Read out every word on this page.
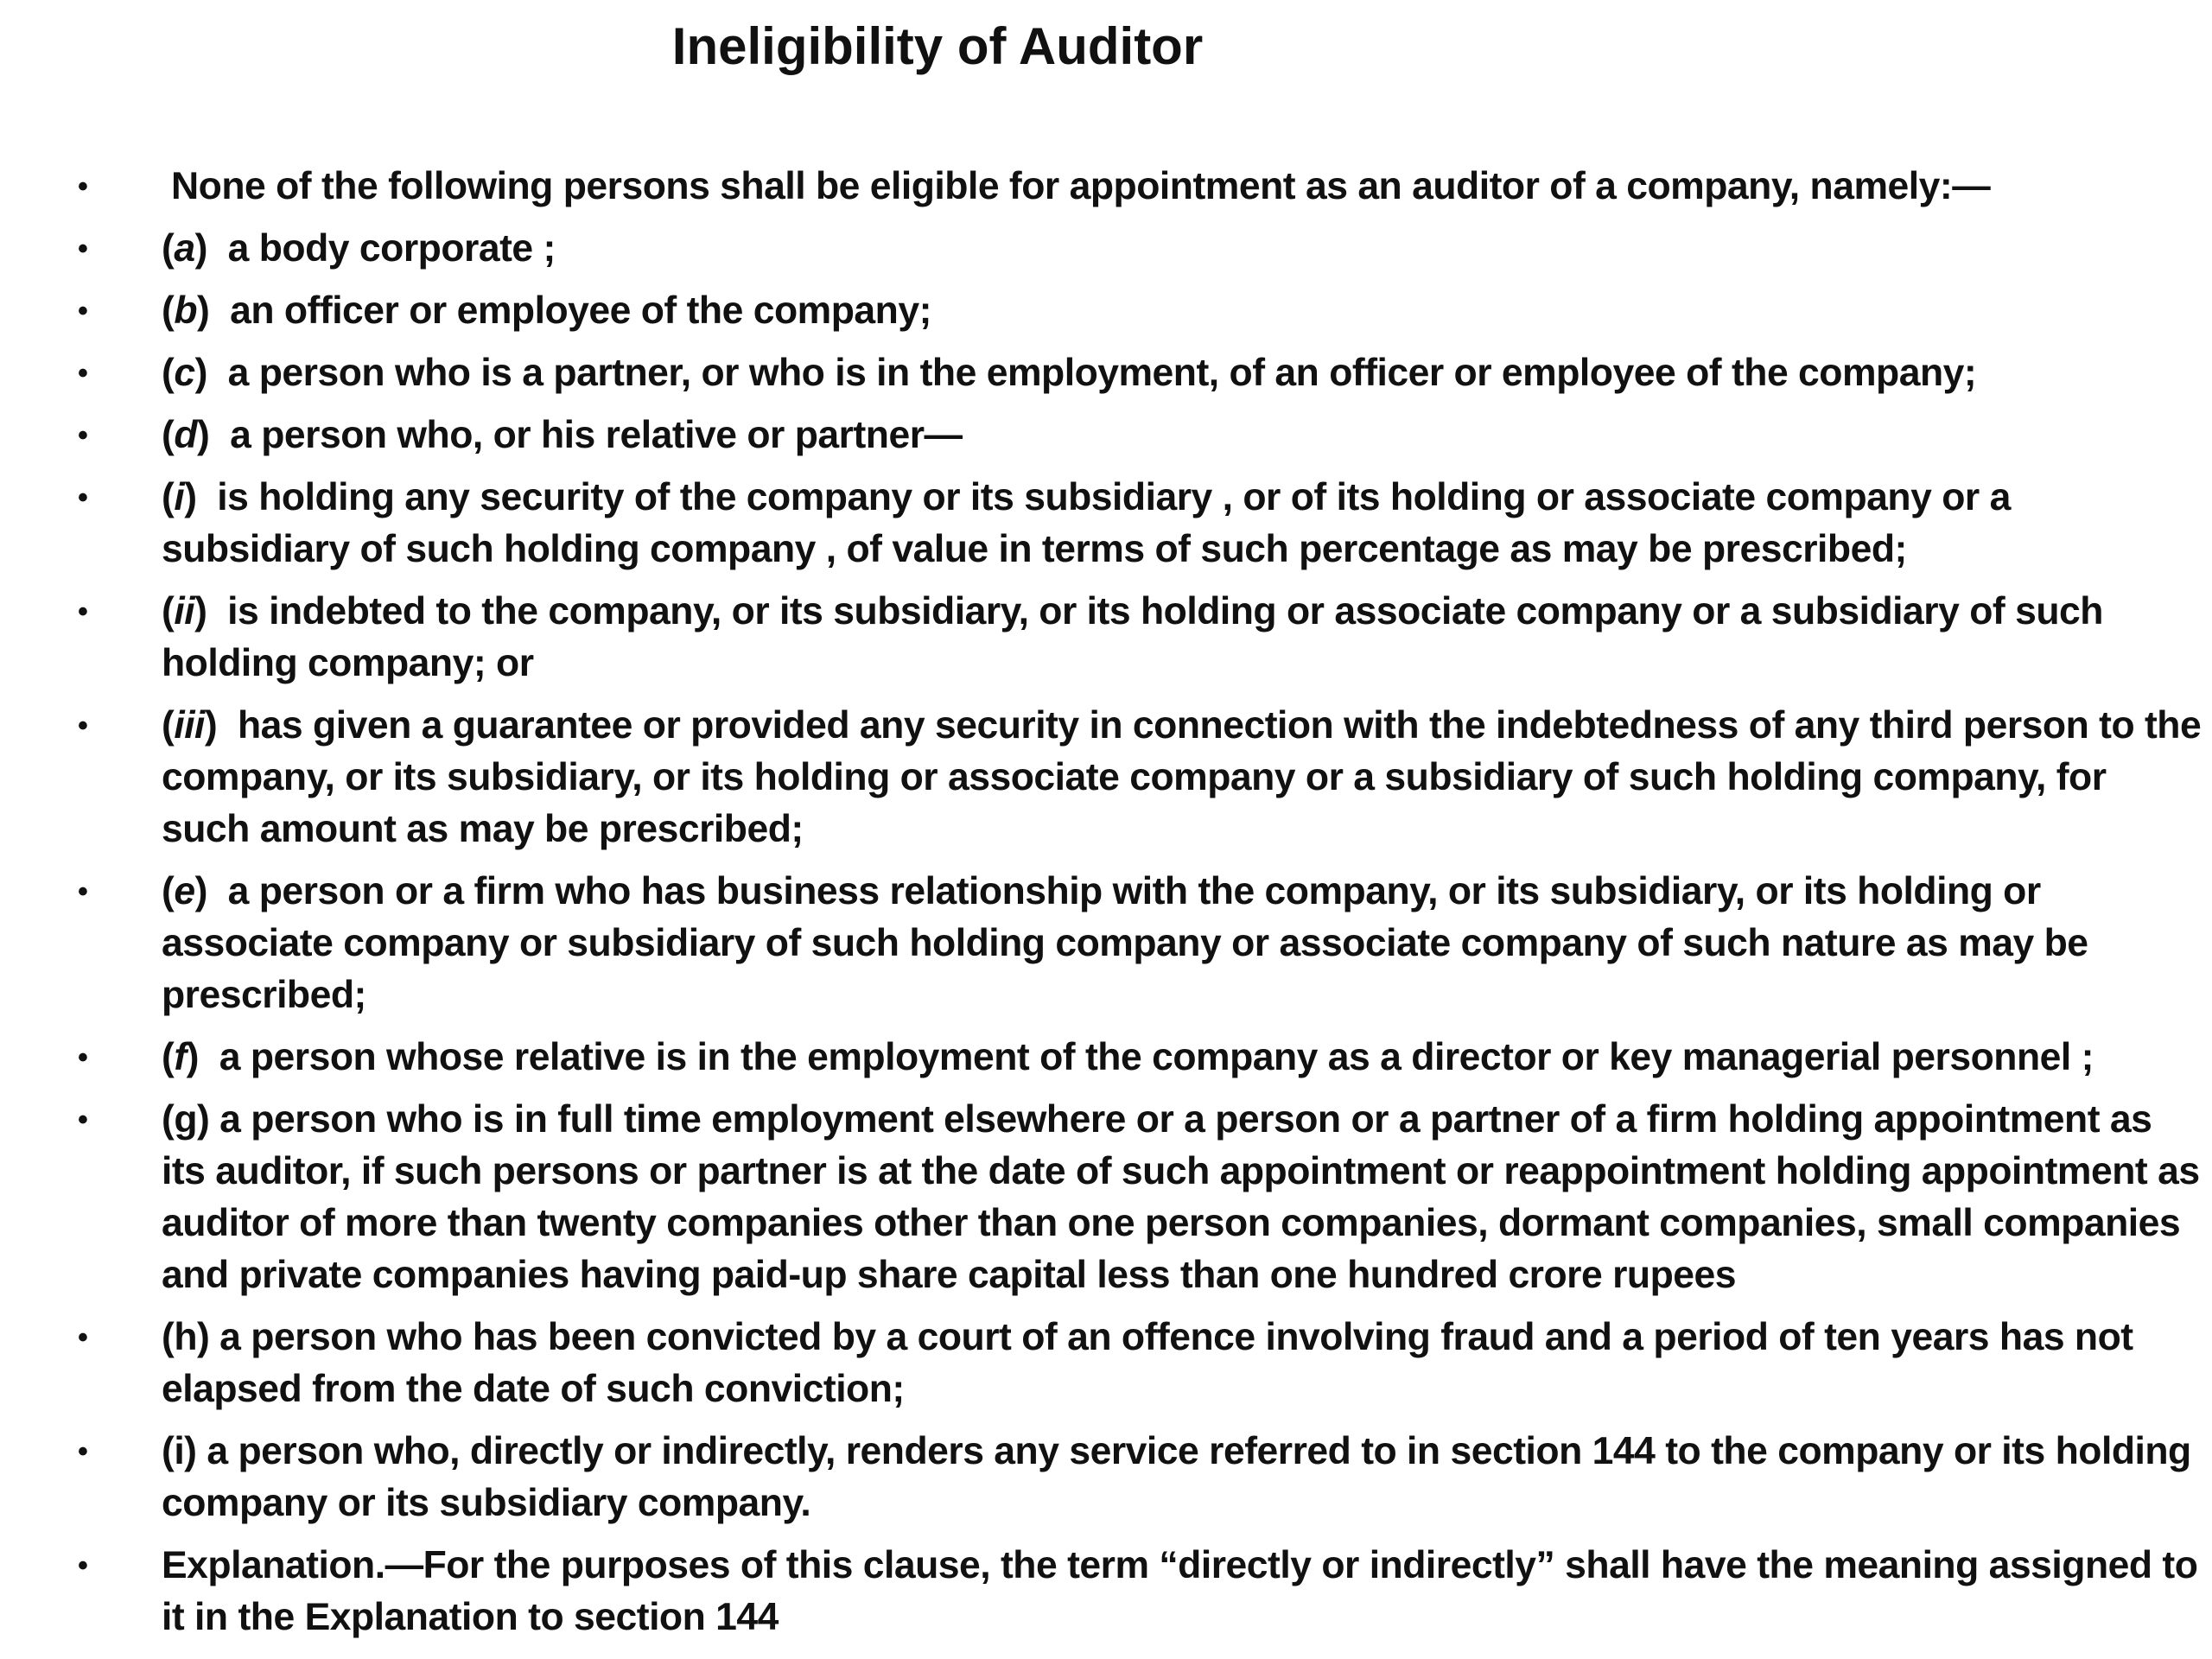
Ineligibility of Auditor
• None of the following persons shall be eligible for appointment as an auditor of a company, namely:—
• (a) a body corporate ;
• (b) an officer or employee of the company;
• (c) a person who is a partner, or who is in the employment, of an officer or employee of the company;
• (d) a person who, or his relative or partner—
• (i) is holding any security of the company or its subsidiary , or of its holding or associate company or a subsidiary of such holding company , of value in terms of such percentage as may be prescribed;
• (ii) is indebted to the company, or its subsidiary, or its holding or associate company or a subsidiary of such holding company; or
• (iii) has given a guarantee or provided any security in connection with the indebtedness of any third person to the company, or its subsidiary, or its holding or associate company or a subsidiary of such holding company, for such amount as may be prescribed;
• (e) a person or a firm who has business relationship with the company, or its subsidiary, or its holding or associate company or subsidiary of such holding company or associate company of such nature as may be prescribed;
• (f) a person whose relative is in the employment of the company as a director or key managerial personnel ;
• (g) a person who is in full time employment elsewhere or a person or a partner of a firm holding appointment as its auditor, if such persons or partner is at the date of such appointment or reappointment holding appointment as auditor of more than twenty companies other than one person companies, dormant companies, small companies and private companies having paid-up share capital less than one hundred crore rupees
• (h) a person who has been convicted by a court of an offence involving fraud and a period of ten years has not elapsed from the date of such conviction;
• (i) a person who, directly or indirectly, renders any service referred to in section 144 to the company or its holding company or its subsidiary company.
• Explanation.—For the purposes of this clause, the term “directly or indirectly” shall have the meaning assigned to it in the Explanation to section 144
